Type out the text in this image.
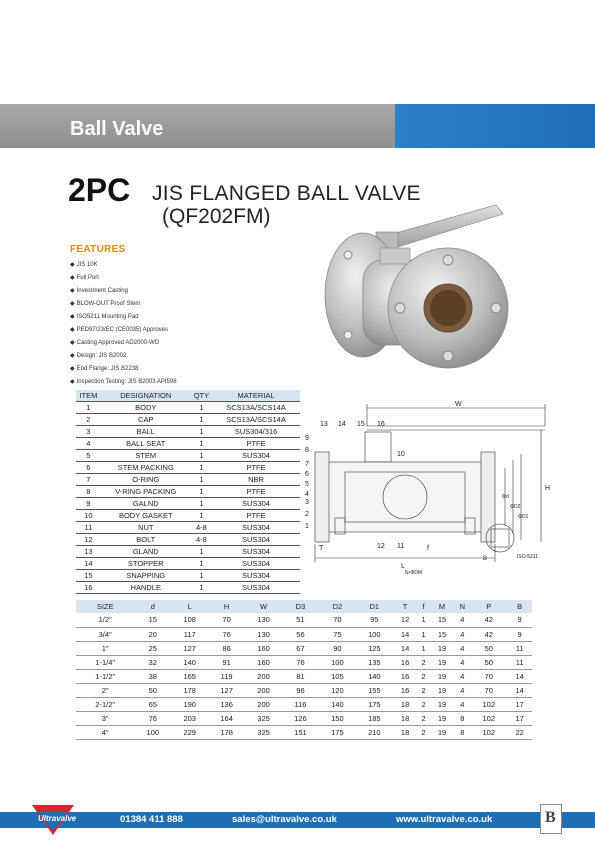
Ball Valve
2PC JIS FLANGED BALL VALVE
(QF202FM)
FEATURES
◆ JIS 10K
◆ Full Port
◆ Investment Casting
◆ BLOW-OUT Proof Stem
◆ ISO5211 Mounting Pad
◆ PED97/23/EC (CE0035) Approves
◆ Casting Approved AD2000-WO
◆ Design: JIS B2002
◆ End Flange: JIS B2238
◆ Inspection Testing: JIS B2003 API598
ITEM	DESIGNATION	QTY	MATERIAL
1	BODY	1	SCS13A/SCS14A
2	CAP	1	SCS13A/SCS14A
3	BALL	1	SUS304/316
4	BALL SEAT	1	PTFE
5	STEM	1	SUS304
6	STEM PACKING	1	PTFE
7	O-RING	1	NBR
8	V-RING PACKING	1	PTFE
9	GALND	1	SUS304
10	BODY GASKET	1	PTFE
11	NUT	4-8	SUS304
12	BOLT	4-8	SUS304
13	GLAND	1	SUS304
14	STOPPER	1	SUS304
15	SNAPPING	1	SUS304
16	HANDLE	1	SUS304
13 14 15 16
9
8
7
6
5
4
3
2
1
10
12 11
W
H
L
T	f
Φd
ΦD2
ΦD1
N-ΦDM
B	ISO-5211
SIZE	d	L	H	W	D3	D2	D1	T	f	M	N	P	B
1/2"	15	108	70	130	51	70	95	12	1	15	4	42	9
3/4"	20	117	76	130	56	75	100	14	1	15	4	42	9
1"	25	127	86	160	67	90	125	14	1	19	4	50	11
1-1/4"	32	140	91	160	76	100	135	16	2	19	4	50	11
1-1/2"	38	165	119	200	81	105	140	16	2	19	4	70	14
2"	50	178	127	200	96	120	155	16	2	19	4	70	14
2-1/2"	65	190	136	200	116	140	175	18	2	19	4	102	17
3"	76	203	164	325	126	150	185	18	2	19	8	102	17
4"	100	229	178	325	151	175	210	18	2	19	8	102	22
01384 411 888	sales@ultravalve.co.uk	www.ultravalve.co.uk
Ultravalve	B
